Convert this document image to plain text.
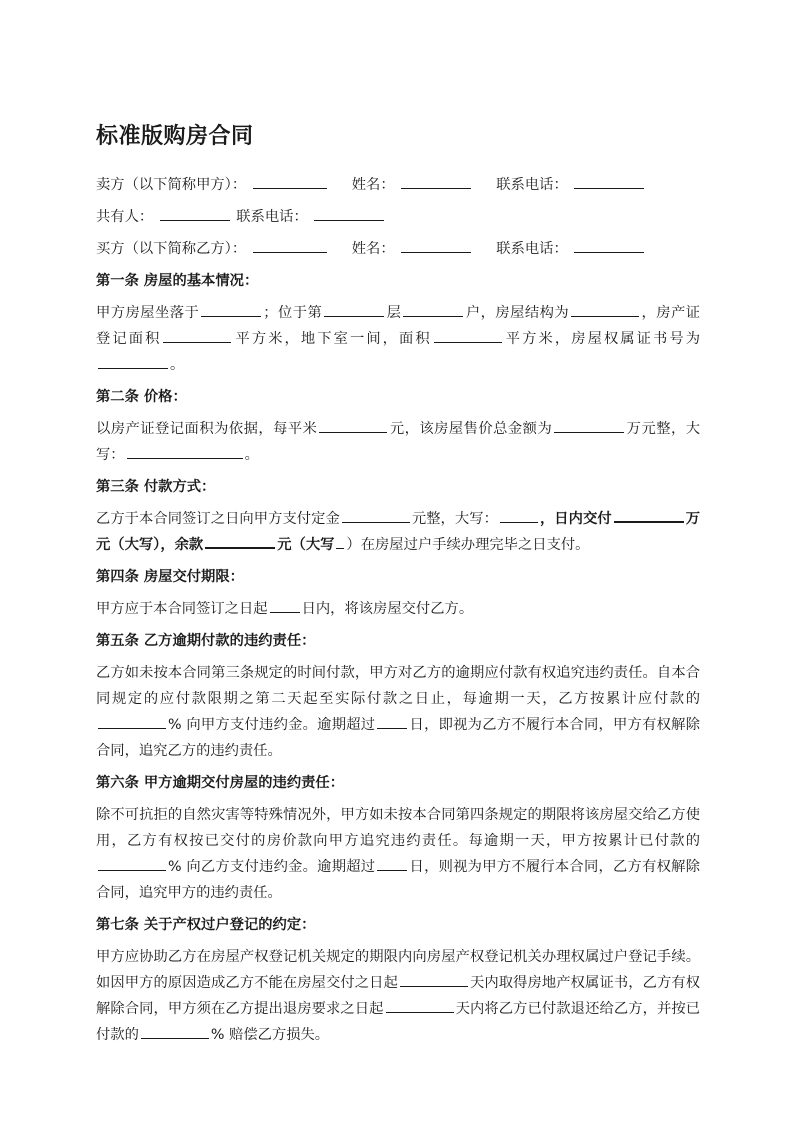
标准版购房合同
卖方（以下简称甲方）：	姓名：	联系电话：
共有人：	联系电话：
买方（以下简称乙方）：	姓名：	联系电话：
第一条 房屋的基本情况：
甲方房屋坐落于	；位于第	层	户，房屋结构为	，房产证登记面积	平方米，地下室一间，面积	平方米，房屋权属证书号为。
第二条 价格：
以房产证登记面积为依据，每平米	元，该房屋售价总金额为	万元整，大写：	。
第三条 付款方式：
乙方于本合同签订之日向甲方支付定金	元整，大写：	，日内交付	万元（大写），余款	元（大写 ）在房屋过户手续办理完毕之日支付。
第四条 房屋交付期限：
甲方应于本合同签订之日起 日内，将该房屋交付乙方。
第五条 乙方逾期付款的违约责任：
乙方如未按本合同第三条规定的时间付款，甲方对乙方的逾期应付款有权追究违约责任。自本合同规定的应付款限期之第二天起至实际付款之日止，每逾期一天，乙方按累计应付款的% 向甲方支付违约金。逾期超过 日，即视为乙方不履行本合同，甲方有权解除合同，追究乙方的违约责任。
第六条 甲方逾期交付房屋的违约责任：
除不可抗拒的自然灾害等特殊情况外，甲方如未按本合同第四条规定的期限将该房屋交给乙方使用，乙方有权按已交付的房价款向甲方追究违约责任。每逾期一天，甲方按累计已付款的% 向乙方支付违约金。逾期超过 日，则视为甲方不履行本合同，乙方有权解除合同，追究甲方的违约责任。
第七条 关于产权过户登记的约定：
甲方应协助乙方在房屋产权登记机关规定的期限内向房屋产权登记机关办理权属过户登记手续。如因甲方的原因造成乙方不能在房屋交付之日起	天内取得房地产权属证书，乙方有权解除合同，甲方须在乙方提出退房要求之日起	天内将乙方已付款退还给乙方，并按已付款的	% 赔偿乙方损失。
